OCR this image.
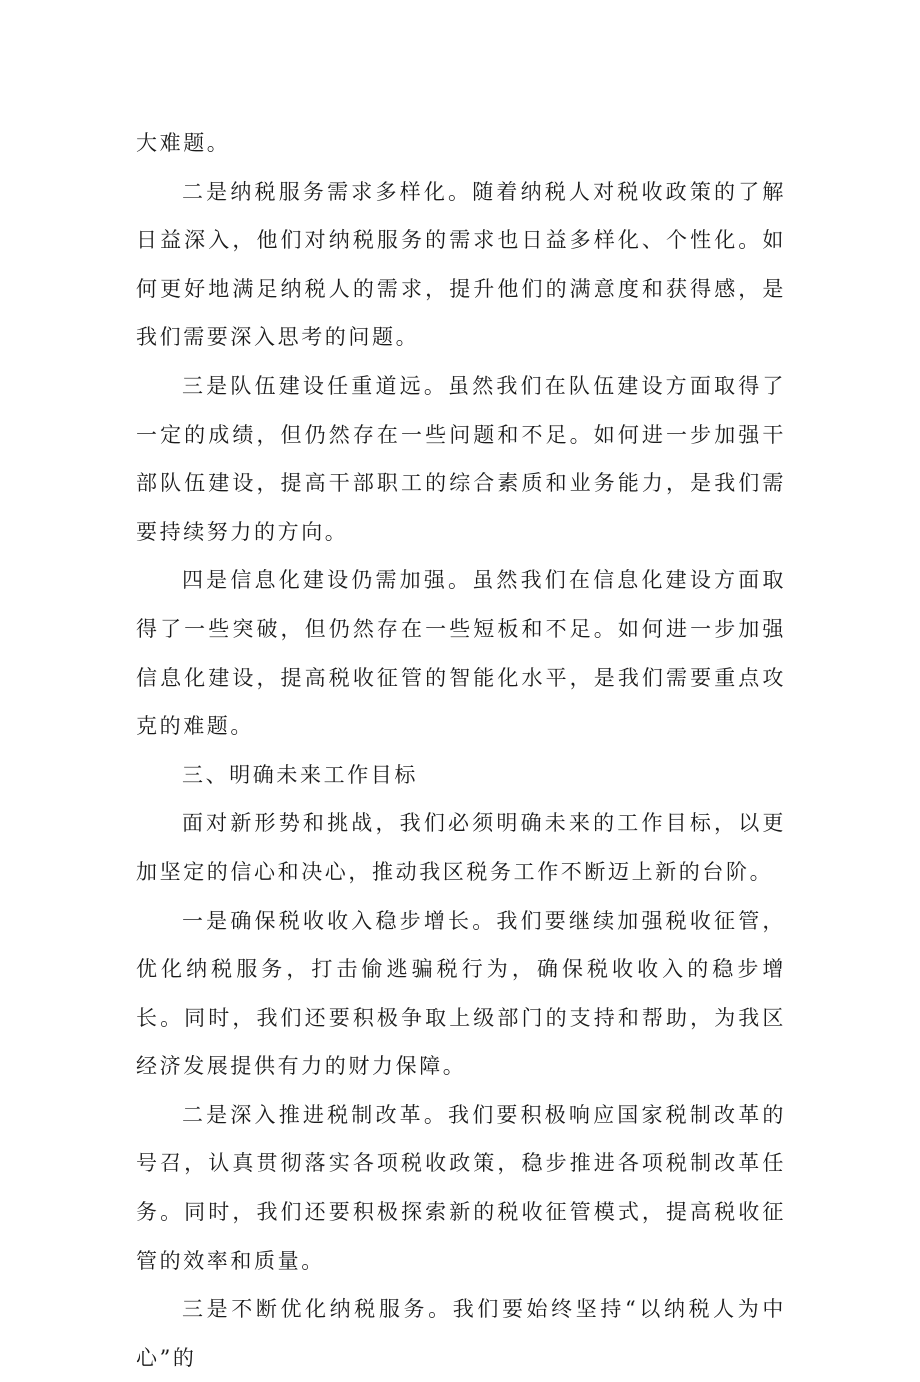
大难题。

二是纳税服务需求多样化。随着纳税人对税收政策的了解日益深入，他们对纳税服务的需求也日益多样化、个性化。如何更好地满足纳税人的需求，提升他们的满意度和获得感，是我们需要深入思考的问题。

三是队伍建设任重道远。虽然我们在队伍建设方面取得了一定的成绩，但仍然存在一些问题和不足。如何进一步加强干部队伍建设，提高干部职工的综合素质和业务能力，是我们需要持续努力的方向。

四是信息化建设仍需加强。虽然我们在信息化建设方面取得了一些突破，但仍然存在一些短板和不足。如何进一步加强信息化建设，提高税收征管的智能化水平，是我们需要重点攻克的难题。

三、明确未来工作目标

面对新形势和挑战，我们必须明确未来的工作目标，以更加坚定的信心和决心，推动我区税务工作不断迈上新的台阶。

一是确保税收收入稳步增长。我们要继续加强税收征管，优化纳税服务，打击偷逃骗税行为，确保税收收入的稳步增长。同时，我们还要积极争取上级部门的支持和帮助，为我区经济发展提供有力的财力保障。

二是深入推进税制改革。我们要积极响应国家税制改革的号召，认真贯彻落实各项税收政策，稳步推进各项税制改革任务。同时，我们还要积极探索新的税收征管模式，提高税收征管的效率和质量。

三是不断优化纳税服务。我们要始终坚持“以纳税人为中心”的
